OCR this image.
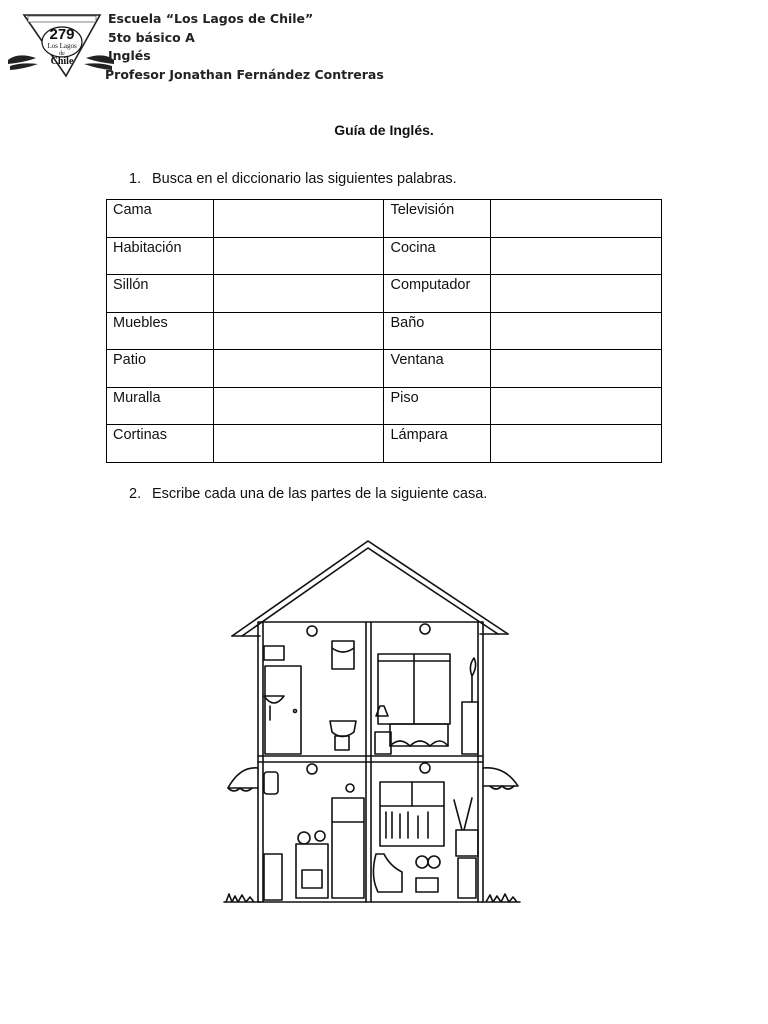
279
Los Lagos
de
Chile
Escuela “Los Lagos de Chile”
5to básico A
Inglés
Profesor Jonathan Fernández Contreras
Guía de Inglés.
1. Busca en el diccionario las siguientes palabras.
Cama		Televisión	
Habitación		Cocina	
Sillón		Computador	
Muebles		Baño	
Patio		Ventana	
Muralla		Piso	
Cortinas		Lámpara	
2. Escribe cada una de las partes de la siguiente casa.
